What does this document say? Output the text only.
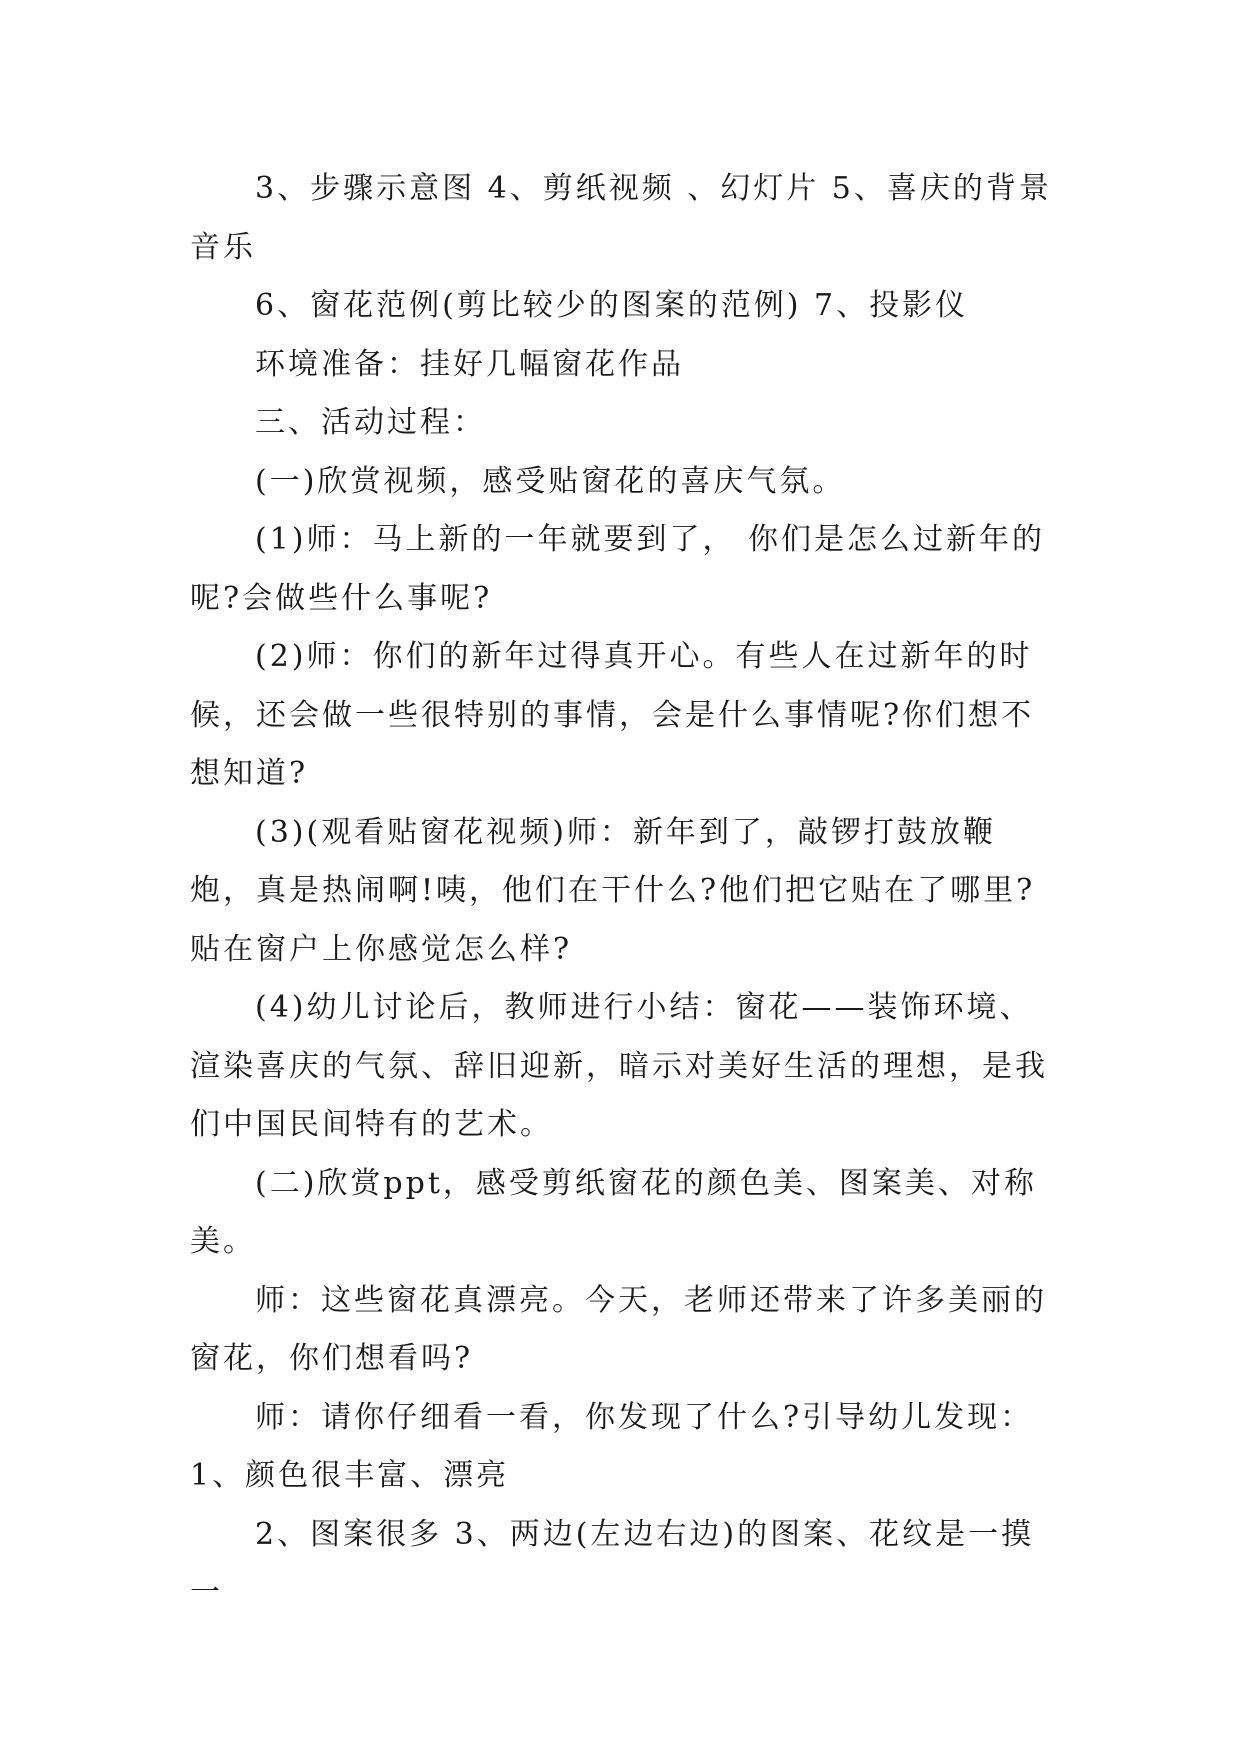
3、步骤示意图 4、剪纸视频 、幻灯片 5、喜庆的背景音乐

6、窗花范例(剪比较少的图案的范例) 7、投影仪

环境准备：挂好几幅窗花作品

三、活动过程：

(一)欣赏视频，感受贴窗花的喜庆气氛。

(1)师：马上新的一年就要到了， 你们是怎么过新年的呢?会做些什么事呢?

(2)师：你们的新年过得真开心。有些人在过新年的时候，还会做一些很特别的事情，会是什么事情呢?你们想不想知道?

(3)(观看贴窗花视频)师：新年到了，敲锣打鼓放鞭炮，真是热闹啊!咦，他们在干什么?他们把它贴在了哪里?贴在窗户上你感觉怎么样?

(4)幼儿讨论后，教师进行小结：窗花——装饰环境、渲染喜庆的气氛、辞旧迎新，暗示对美好生活的理想，是我们中国民间特有的艺术。

(二)欣赏ppt，感受剪纸窗花的颜色美、图案美、对称美。

师：这些窗花真漂亮。今天，老师还带来了许多美丽的窗花，你们想看吗?

师：请你仔细看一看，你发现了什么?引导幼儿发现：

1、颜色很丰富、漂亮

2、图案很多 3、两边(左边右边)的图案、花纹是一摸一
